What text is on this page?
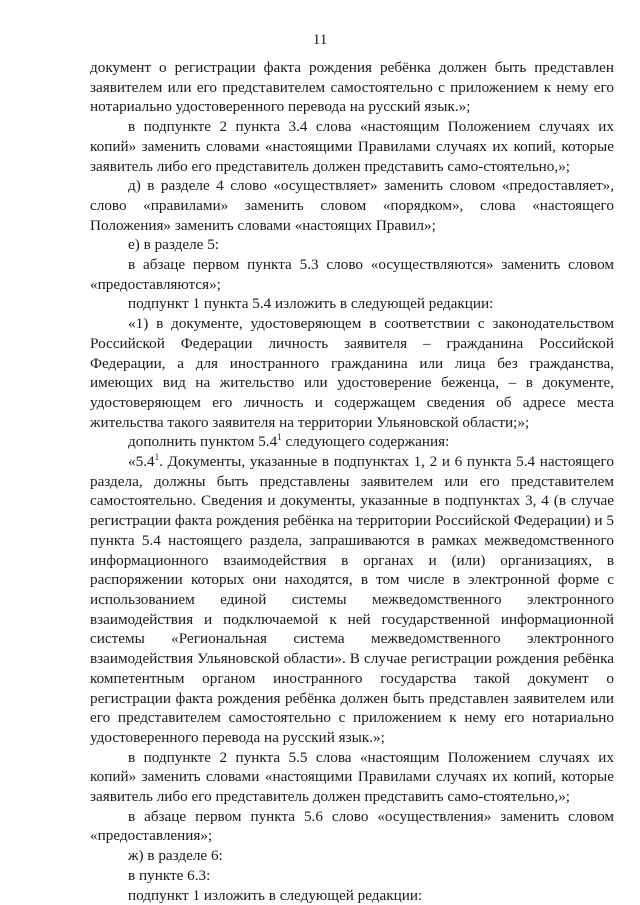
11

документ о регистрации факта рождения ребёнка должен быть представлен заявителем или его представителем самостоятельно с приложением к нему его нотариально удостоверенного перевода на русский язык.»;

в подпункте 2 пункта 3.4 слова «настоящим Положением случаях их копий» заменить словами «настоящими Правилами случаях их копий, которые заявитель либо его представитель должен представить само-стоятельно,»;

д) в разделе 4 слово «осуществляет» заменить словом «предоставляет», слово «правилами» заменить словом «порядком», слова «настоящего Положения» заменить словами «настоящих Правил»;

е) в разделе 5:

в абзаце первом пункта 5.3 слово «осуществляются» заменить словом «предоставляются»;

подпункт 1 пункта 5.4 изложить в следующей редакции:

«1) в документе, удостоверяющем в соответствии с законодательством Российской Федерации личность заявителя – гражданина Российской Федерации, а для иностранного гражданина или лица без гражданства, имеющих вид на жительство или удостоверение беженца, – в документе, удостоверяющем его личность и содержащем сведения об адресе места жительства такого заявителя на территории Ульяновской области;»;

дополнить пунктом $5.4^1$ следующего содержания:

«$5.4^1$. Документы, указанные в подпунктах 1, 2 и 6 пункта 5.4 настоящего раздела, должны быть представлены заявителем или его представителем самостоятельно. Сведения и документы, указанные в подпунктах 3, 4 (в случае регистрации факта рождения ребёнка на территории Российской Федерации) и 5 пункта 5.4 настоящего раздела, запрашиваются в рамках межведомственного информационного взаимодействия в органах и (или) организациях, в распоряжении которых они находятся, в том числе в электронной форме с использованием единой системы межведомственного электронного взаимодействия и подключаемой к ней государственной информационной системы «Региональная система межведомственного электронного взаимодействия Ульяновской области». В случае регистрации рождения ребёнка компетентным органом иностранного государства такой документ о регистрации факта рождения ребёнка должен быть представлен заявителем или его представителем самостоятельно с приложением к нему его нотариально удостоверенного перевода на русский язык.»;

в подпункте 2 пункта 5.5 слова «настоящим Положением случаях их копий» заменить словами «настоящими Правилами случаях их копий, которые заявитель либо его представитель должен представить само-стоятельно,»;

в абзаце первом пункта 5.6 слово «осуществления» заменить словом «предоставления»;

ж) в разделе 6:

в пункте 6.3:

подпункт 1 изложить в следующей редакции:
